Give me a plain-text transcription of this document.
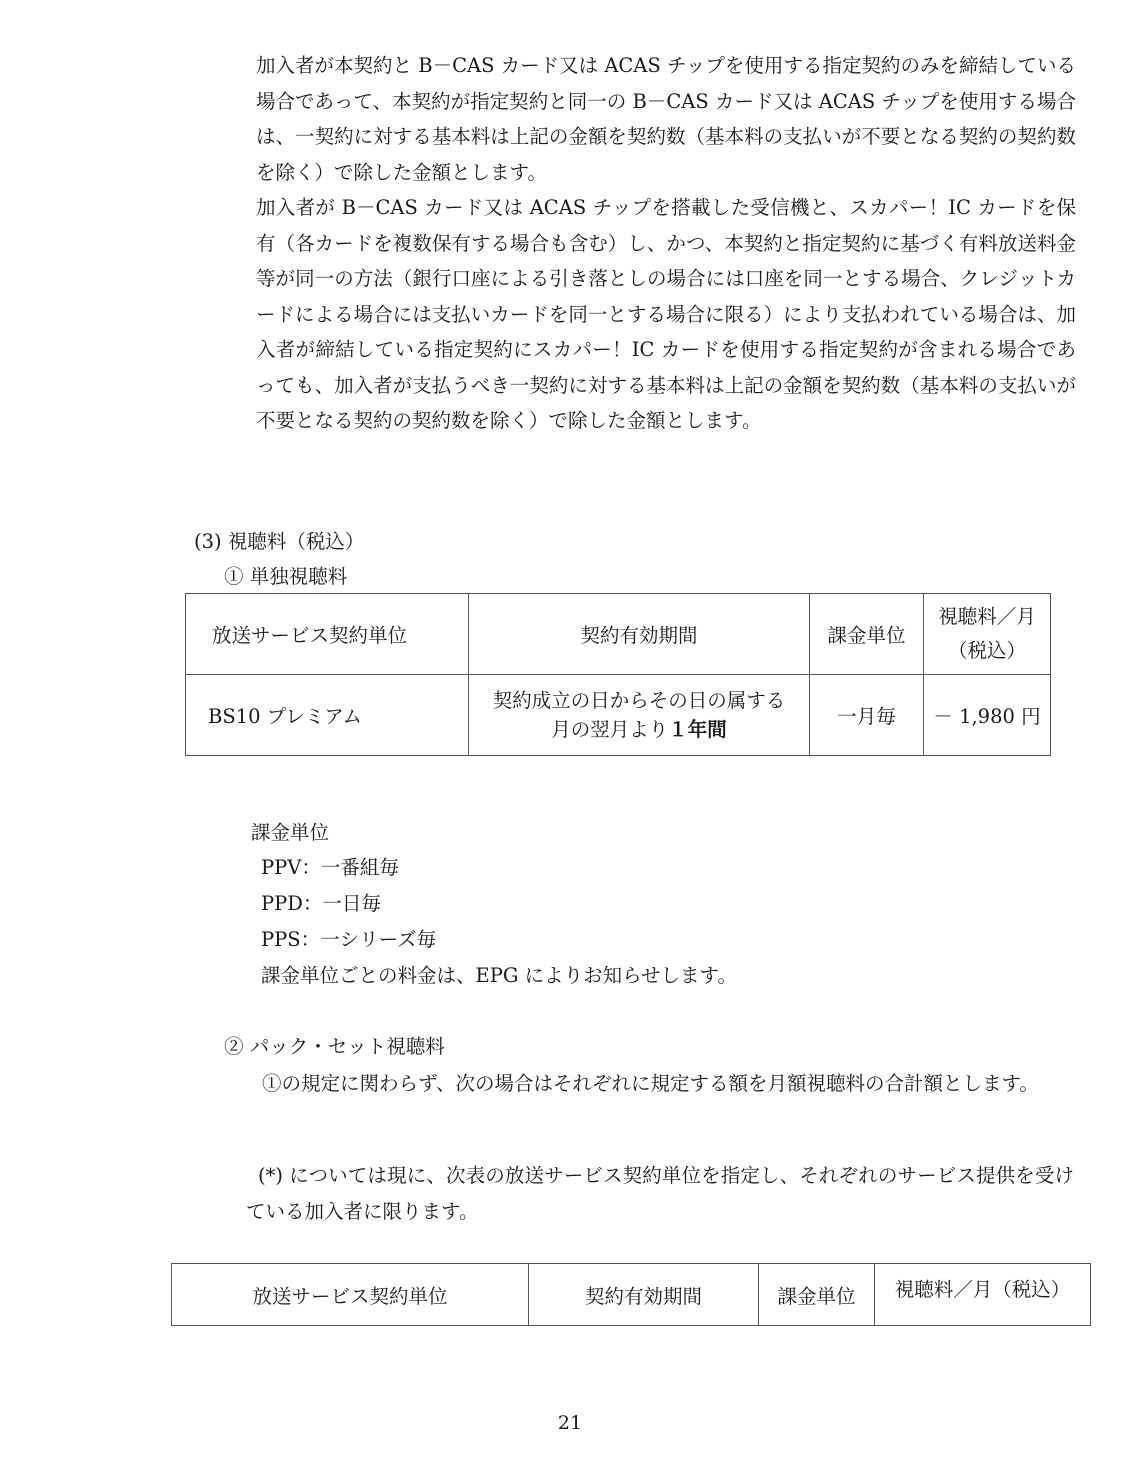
加入者が本契約と B－CAS カード又は ACAS チップを使用する指定契約のみを締結している場合であって、本契約が指定契約と同一の B－CAS カード又は ACAS チップを使用する場合は、一契約に対する基本料は上記の金額を契約数（基本料の支払いが不要となる契約の契約数を除く）で除した金額とします。

加入者が B－CAS カード又は ACAS チップを搭載した受信機と、スカパー！IC カードを保有（各カードを複数保有する場合も含む）し、かつ、本契約と指定契約に基づく有料放送料金等が同一の方法（銀行口座による引き落としの場合には口座を同一とする場合、クレジットカードによる場合には支払いカードを同一とする場合に限る）により支払われている場合は、加入者が締結している指定契約にスカパー！IC カードを使用する指定契約が含まれる場合であっても、加入者が支払うべき一契約に対する基本料は上記の金額を契約数（基本料の支払いが不要となる契約の契約数を除く）で除した金額とします。

(3) 視聴料（税込）
① 単独視聴料
放送サービス契約単位	契約有効期間	課金単位	視聴料／月
（税込）

BS10 プレミアム	契約成立の日からその日の属する
月の翌月より１年間	一月毎	－ 1,980 円
課金単位
PPV：一番組毎
PPD：一日毎
PPS：一シリーズ毎
課金単位ごとの料金は、EPG によりお知らせします。
② パック・セット視聴料

①の規定に関わらず、次の場合はそれぞれに規定する額を月額視聴料の合計額とします。

(*) については現に、次表の放送サービス契約単位を指定し、それぞれのサービス提供を受けている加入者に限ります。

放送サービス契約単位	契約有効期間	課金単位	視聴料／月（税込）
21
